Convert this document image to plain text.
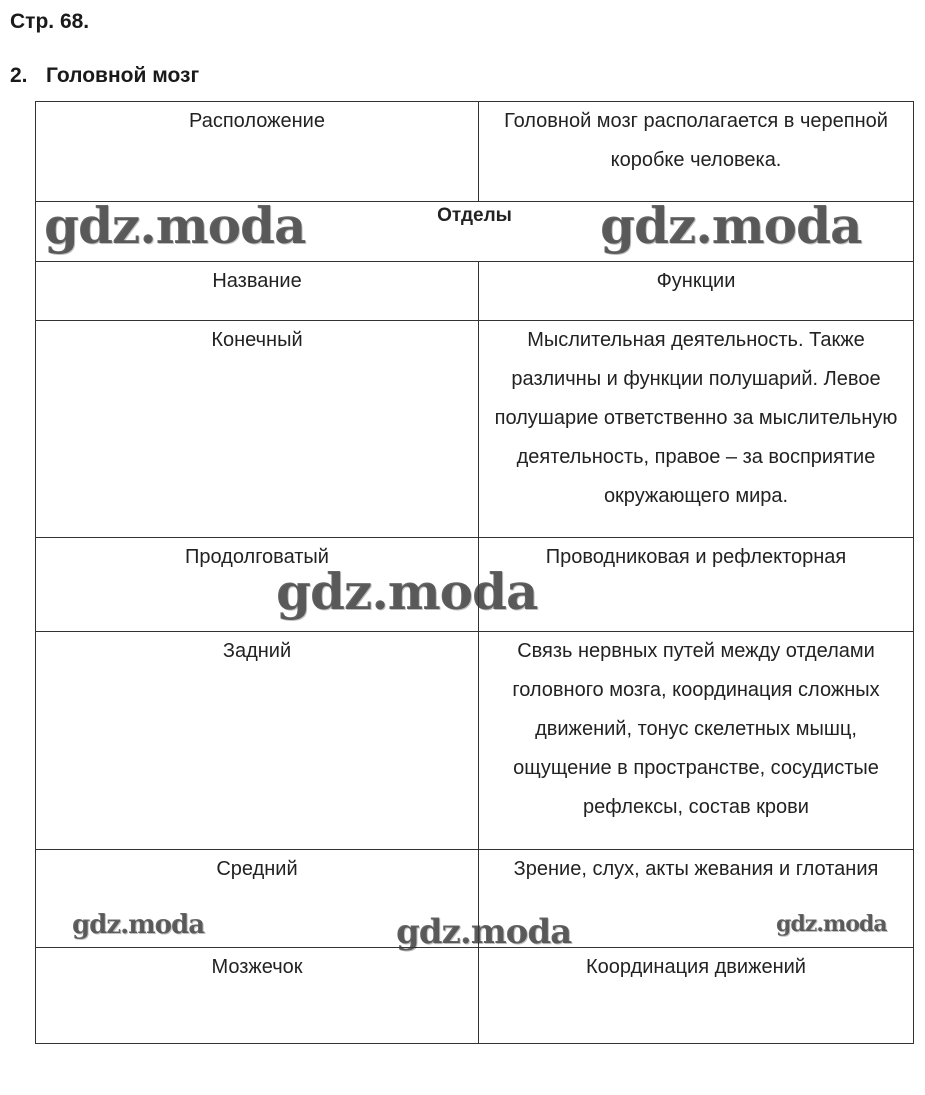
Стр. 68.
2. Головной мозг
Расположение	Головной мозг располагается в черепной коробке человека.
Отделы	
Название	Функции
Конечный	Мыслительная деятельность. Также различны и функции полушарий. Левое полушарие ответственно за мыслительную деятельность, правое – за восприятие окружающего мира.
Продолговатый	Проводниковая и рефлекторная
Задний	Связь нервных путей между отделами головного мозга, координация сложных движений, тонус скелетных мышц, ощущение в пространстве, сосудистые рефлексы, состав крови
Средний	Зрение, слух, акты жевания и глотания
Мозжечок	Координация движений
gdz.moda	gdz.moda
gdz.moda
gdz.moda	gdz.moda	gdz.moda
